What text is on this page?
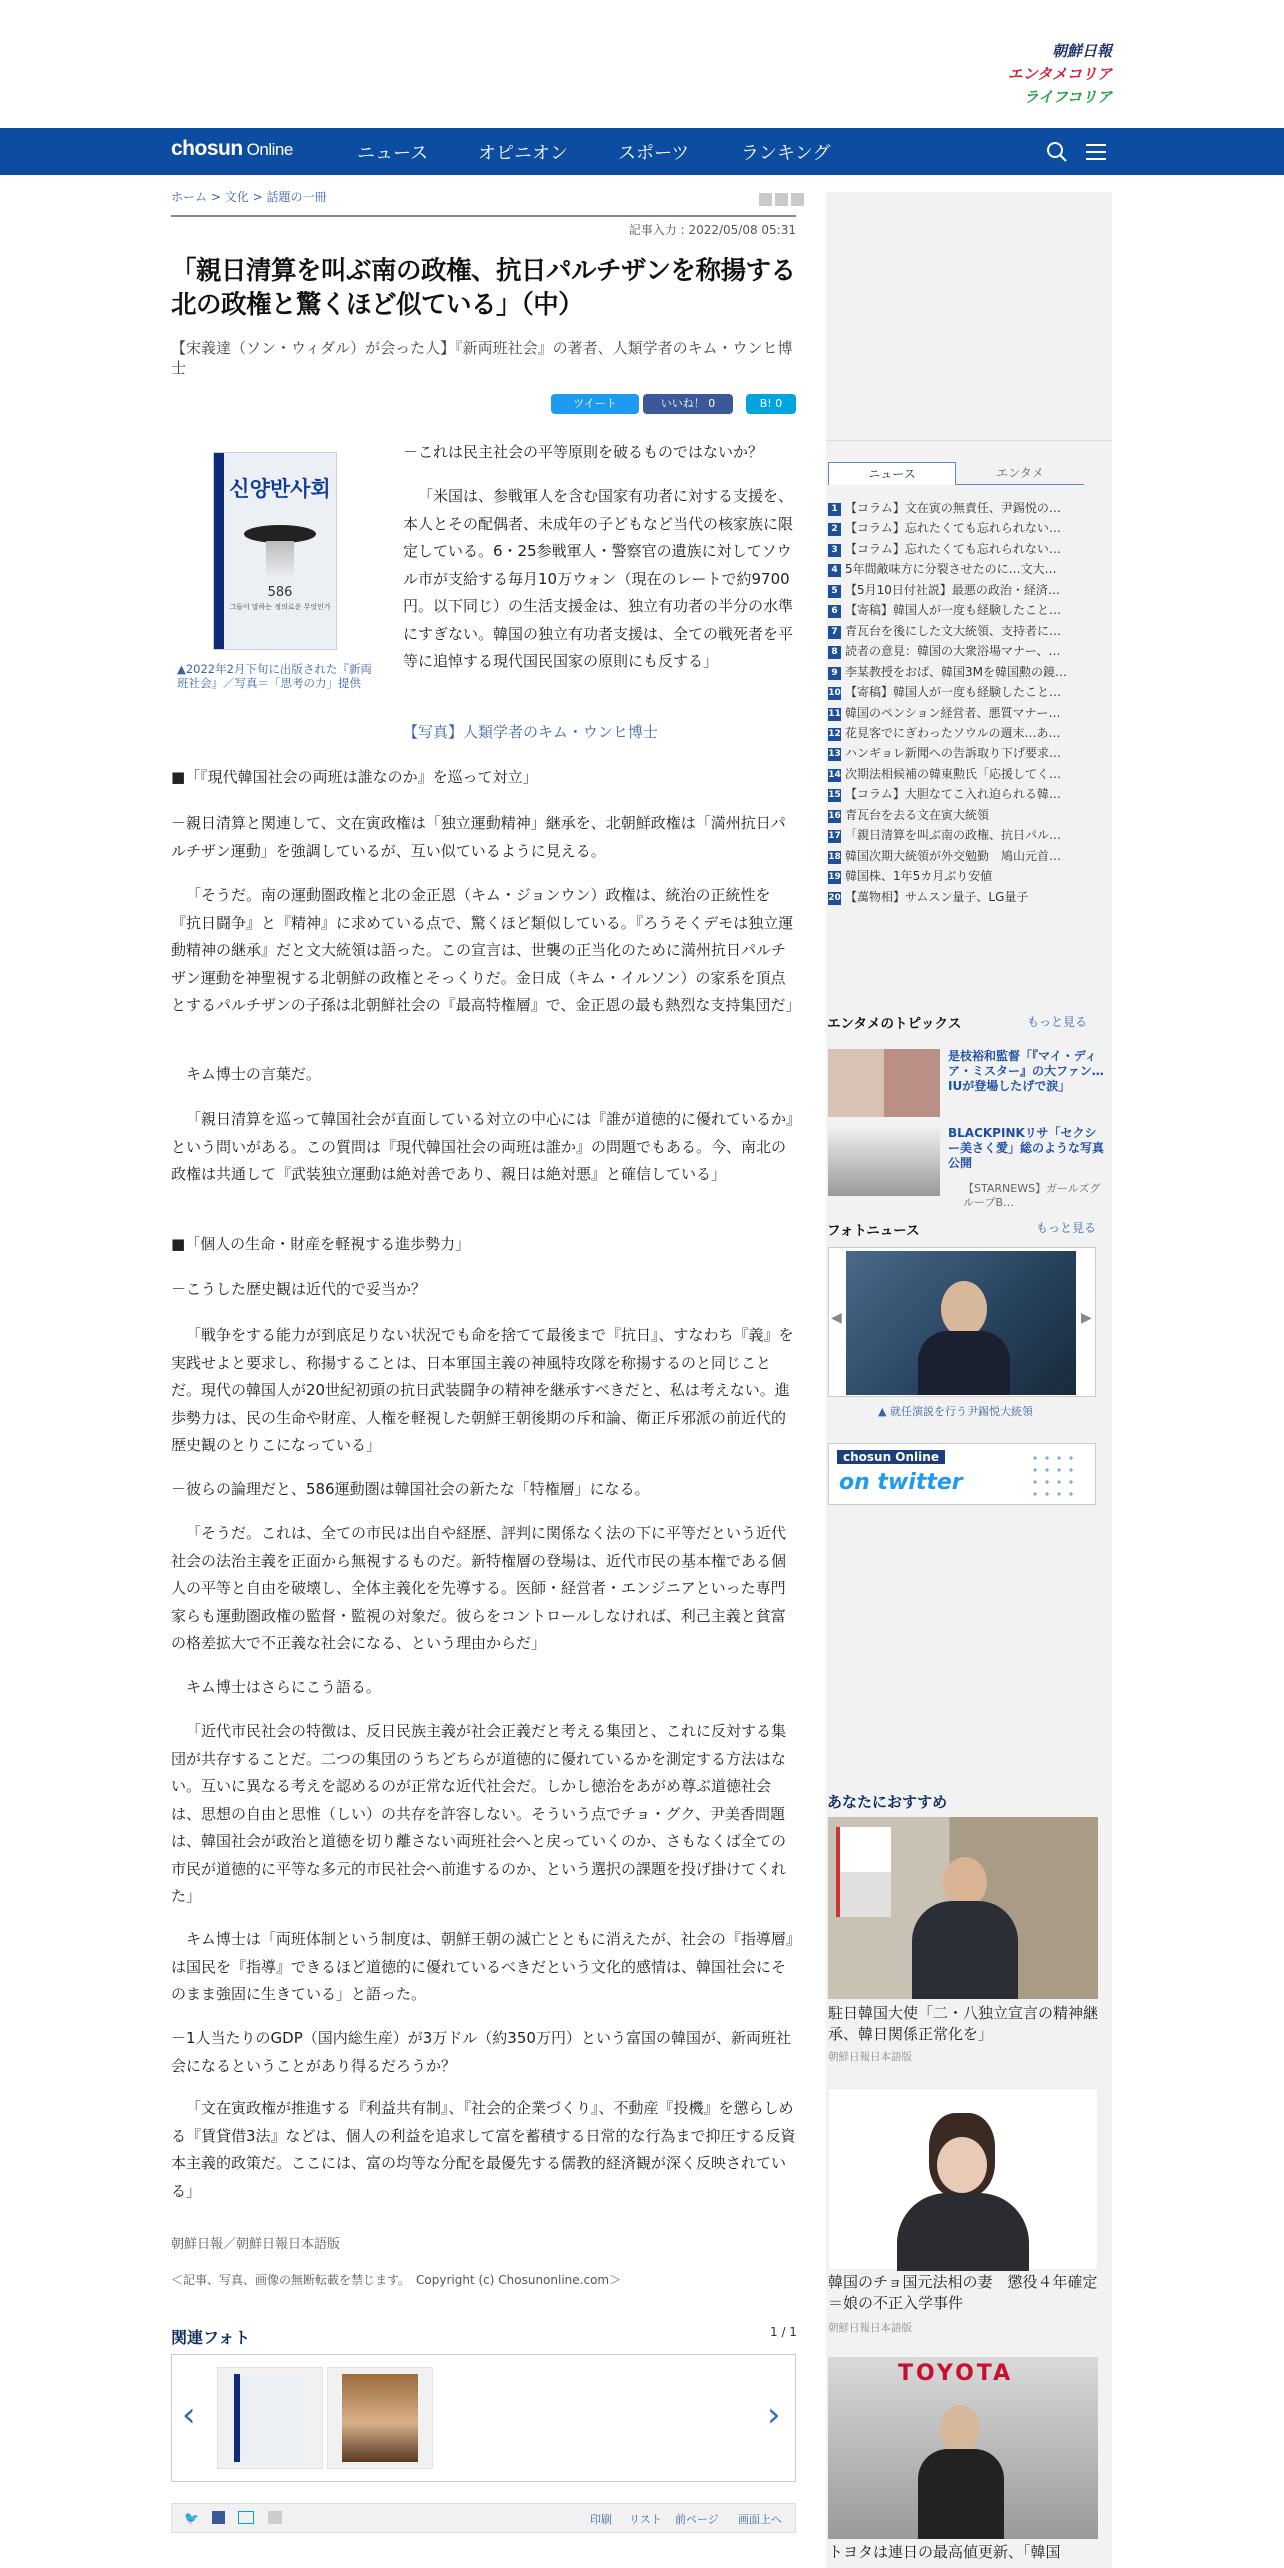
朝鮮日報
エンタメコリア
ライフコリア
chosun Online	ニュース	オピニオン	スポーツ	ランキング
ホーム > 文化 > 話題の一冊
記事入力 : 2022/05/08 05:31
「親日清算を叫ぶ南の政権、抗日パルチザンを称揚する北の政権と驚くほど似ている」（中）
【宋義達（ソン・ウィダル）が会った人】『新両班社会』の著者、人類学者のキム・ウンヒ博士
ツイート	いいね！ 0	B! 0
신양반사회
586
그들이 말하는 정의로운 무엇인가
▲2022年2月下旬に出版された『新両班社会』／写真＝「思考の力」提供
－これは民主社会の平等原則を破るものではないか？
「米国は、参戦軍人を含む国家有功者に対する支援を、本人とその配偶者、未成年の子どもなど当代の核家族に限定している。6・25参戦軍人・警察官の遺族に対してソウル市が支給する毎月10万ウォン（現在のレートで約9700円。以下同じ）の生活支援金は、独立有功者の半分の水準にすぎない。韓国の独立有功者支援は、全ての戦死者を平等に追悼する現代国民国家の原則にも反する」
【写真】人類学者のキム・ウンヒ博士
■「『現代韓国社会の両班は誰なのか』を巡って対立」
－親日清算と関連して、文在寅政権は「独立運動精神」継承を、北朝鮮政権は「満州抗日パルチザン運動」を強調しているが、互い似ているように見える。
「そうだ。南の運動圏政権と北の金正恩（キム・ジョンウン）政権は、統治の正統性を『抗日闘争』と『精神』に求めている点で、驚くほど類似している。『ろうそくデモは独立運動精神の継承』だと文大統領は語った。この宣言は、世襲の正当化のために満州抗日パルチザン運動を神聖視する北朝鮮の政権とそっくりだ。金日成（キム・イルソン）の家系を頂点とするパルチザンの子孫は北朝鮮社会の『最高特権層』で、金正恩の最も熱烈な支持集団だ」
キム博士の言葉だ。
「親日清算を巡って韓国社会が直面している対立の中心には『誰が道徳的に優れているか』という問いがある。この質問は『現代韓国社会の両班は誰か』の問題でもある。今、南北の政権は共通して『武装独立運動は絶対善であり、親日は絶対悪』と確信している」
■「個人の生命・財産を軽視する進歩勢力」
－こうした歴史観は近代的で妥当か？
「戦争をする能力が到底足りない状況でも命を捨てて最後まで『抗日』、すなわち『義』を実践せよと要求し、称揚することは、日本軍国主義の神風特攻隊を称揚するのと同じことだ。現代の韓国人が20世紀初頭の抗日武装闘争の精神を継承すべきだと、私は考えない。進歩勢力は、民の生命や財産、人権を軽視した朝鮮王朝後期の斥和論、衛正斥邪派の前近代的歴史観のとりこになっている」
－彼らの論理だと、586運動圏は韓国社会の新たな「特権層」になる。
「そうだ。これは、全ての市民は出自や経歴、評判に関係なく法の下に平等だという近代社会の法治主義を正面から無視するものだ。新特権層の登場は、近代市民の基本権である個人の平等と自由を破壊し、全体主義化を先導する。医師・経営者・エンジニアといった専門家らも運動圏政権の監督・監視の対象だ。彼らをコントロールしなければ、利己主義と貧富の格差拡大で不正義な社会になる、という理由からだ」
キム博士はさらにこう語る。
「近代市民社会の特徴は、反日民族主義が社会正義だと考える集団と、これに反対する集団が共存することだ。二つの集団のうちどちらが道徳的に優れているかを測定する方法はない。互いに異なる考えを認めるのが正常な近代社会だ。しかし徳治をあがめ尊ぶ道徳社会は、思想の自由と思惟（しい）の共存を許容しない。そういう点でチョ・グク、尹美香問題は、韓国社会が政治と道徳を切り離さない両班社会へと戻っていくのか、さもなくば全ての市民が道徳的に平等な多元的市民社会へ前進するのか、という選択の課題を投げ掛けてくれた」
キム博士は「両班体制という制度は、朝鮮王朝の滅亡とともに消えたが、社会の『指導層』は国民を『指導』できるほど道徳的に優れているべきだという文化的感情は、韓国社会にそのまま強固に生きている」と語った。
－1人当たりのGDP（国内総生産）が3万ドル（約350万円）という富国の韓国が、新両班社会になるということがあり得るだろうか？
「文在寅政権が推進する『利益共有制』、『社会的企業づくり』、不動産『投機』を懲らしめる『賃貸借3法』などは、個人の利益を追求して富を蓄積する日常的な行為まで抑圧する反資本主義的政策だ。ここには、富の均等な分配を最優先する儒教的経済観が深く反映されている」
朝鮮日報／朝鮮日報日本語版
＜記事、写真、画像の無断転載を禁じます。　Copyright (c) Chosunonline.com＞
関連フォト	1 / 1
‹	›
🐦	印刷 リスト 前ページ 画面上へ
ニュース	エンタメ
1 【コラム】文在寅の無責任、尹錫悦の…
2 【コラム】忘れたくても忘れられない…
3 【コラム】忘れたくても忘れられない…
4 5年間敵味方に分裂させたのに…文大…
5 【5月10日付社説】最悪の政治・経済…
6 【寄稿】韓国人が一度も経験したこと…
7 青瓦台を後にした文大統領、支持者に…
8 読者の意見：韓国の大衆浴場マナー、…
9 李某教授をおば、韓国3Mを韓国勲の鏡…
10 【寄稿】韓国人が一度も経験したこと…
11 韓国のペンション経営者、悪質マナー…
12 花見客でにぎわったソウルの週末…あ…
13 ハンギョレ新聞への告訴取り下げ要求…
14 次期法相候補の韓東勲氏「応援してく…
15 【コラム】大胆なてこ入れ迫られる韓…
16 青瓦台を去る文在寅大統領
17 「親日清算を叫ぶ南の政権、抗日パル…
18 韓国次期大統領が外交勉勤　鳩山元首…
19 韓国株、1年5カ月ぶり安値
20 【萬物相】サムスン量子、LG量子
エンタメのトピックス	もっと見る
是枝裕和監督「『マイ・ディア・ミスター』の大ファン…IUが登場したげで涙」
BLACKPINKリサ「セクシー美さく愛」総のような写真公開
【STARNEWS】ガールズグループB…
フォトニュース	もっと見る
◀	▶
▲ 就任演説を行う尹錫悦大統領
chosun Online
on twitter
あなたにおすすめ
駐日韓国大使「二・八独立宣言の精神継承、韓日関係正常化を」
朝鮮日報日本語版
韓国のチョ国元法相の妻　懲役４年確定＝娘の不正入学事件
朝鮮日報日本語版
TOYOTA
トヨタは連日の最高値更新、「韓国
